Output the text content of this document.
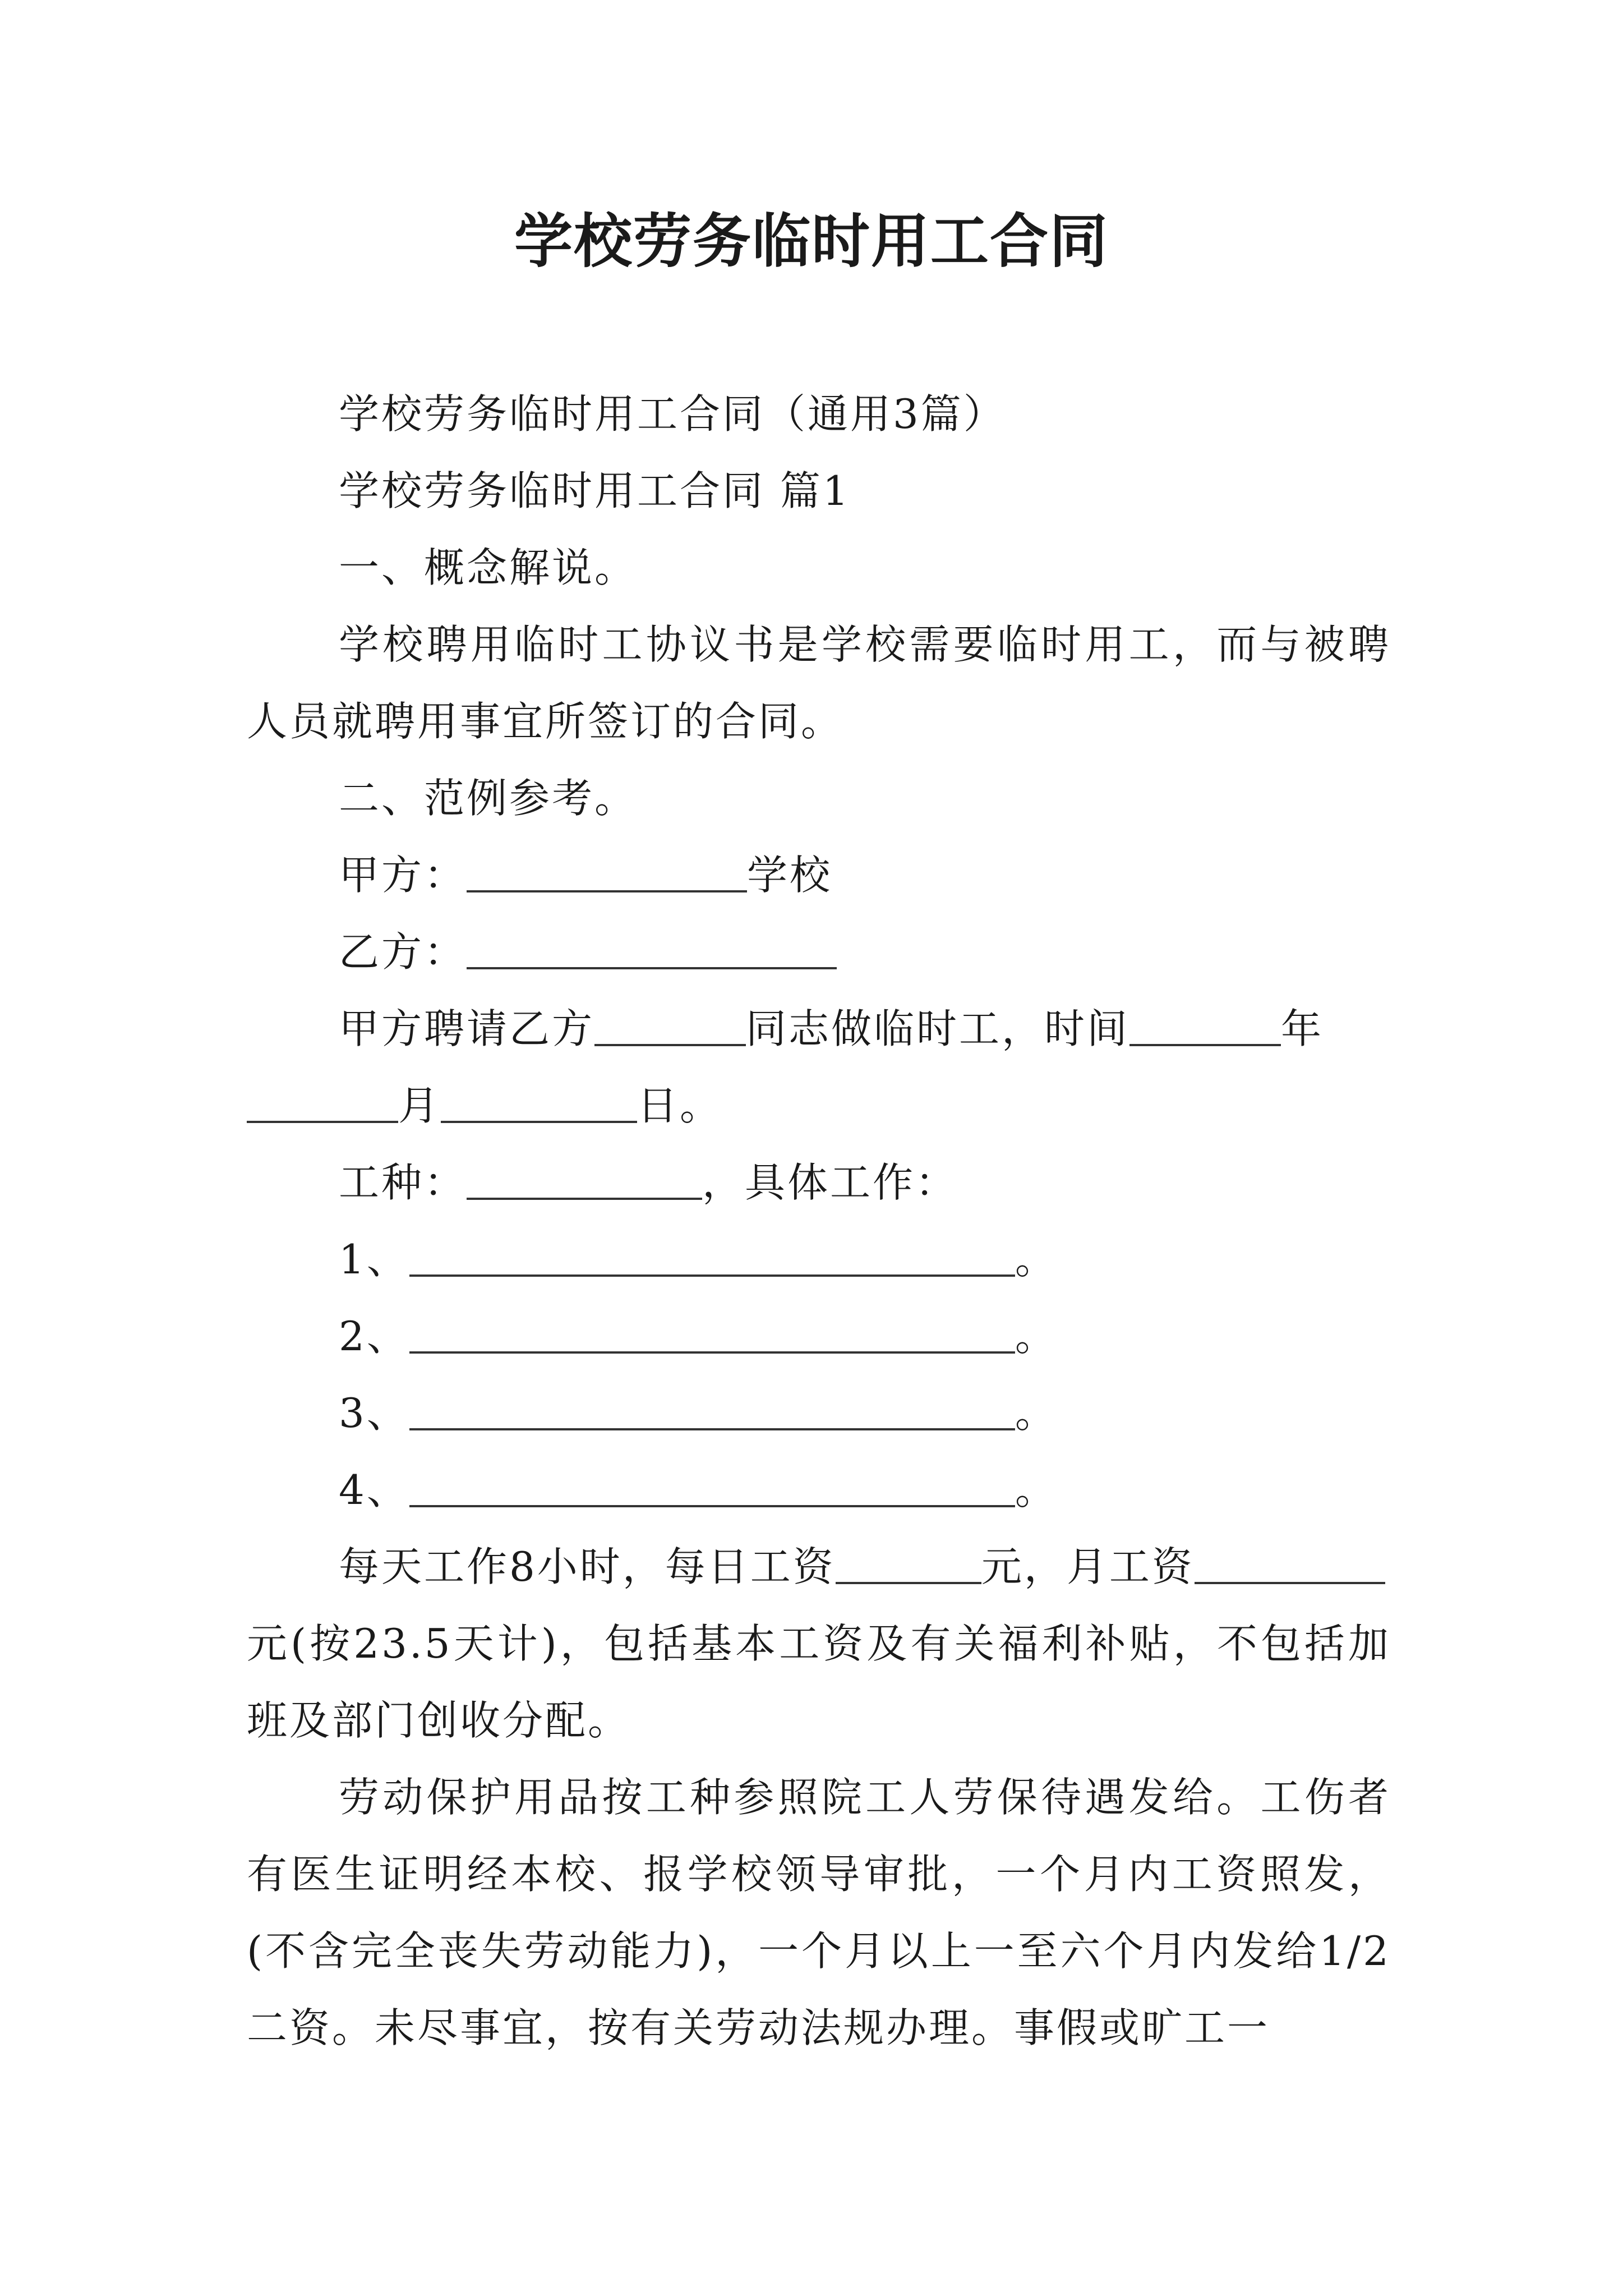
学校劳务临时用工合同

学校劳务临时用工合同（通用3篇）

学校劳务临时用工合同 篇1

一、概念解说。

学校聘用临时工协议书是学校需要临时用工，而与被聘人员就聘用事宜所签订的合同。

二、范例参考。

甲方：	学校

乙方：

甲方聘请乙方	同志做临时工，时间	年

月	日。

工种：	，具体工作：

1、	。

2、	。

3、	。

4、	。

每天工作8小时，每日工资	元，月工资

元(按23.5天计)，包括基本工资及有关福利补贴，不包括加班及部门创收分配。

劳动保护用品按工种参照院工人劳保待遇发给。工伤者有医生证明经本校、报学校领导审批，一个月内工资照发，(不含完全丧失劳动能力)，一个月以上一至六个月内发给1/2二资。未尽事宜，按有关劳动法规办理。事假或旷工一
